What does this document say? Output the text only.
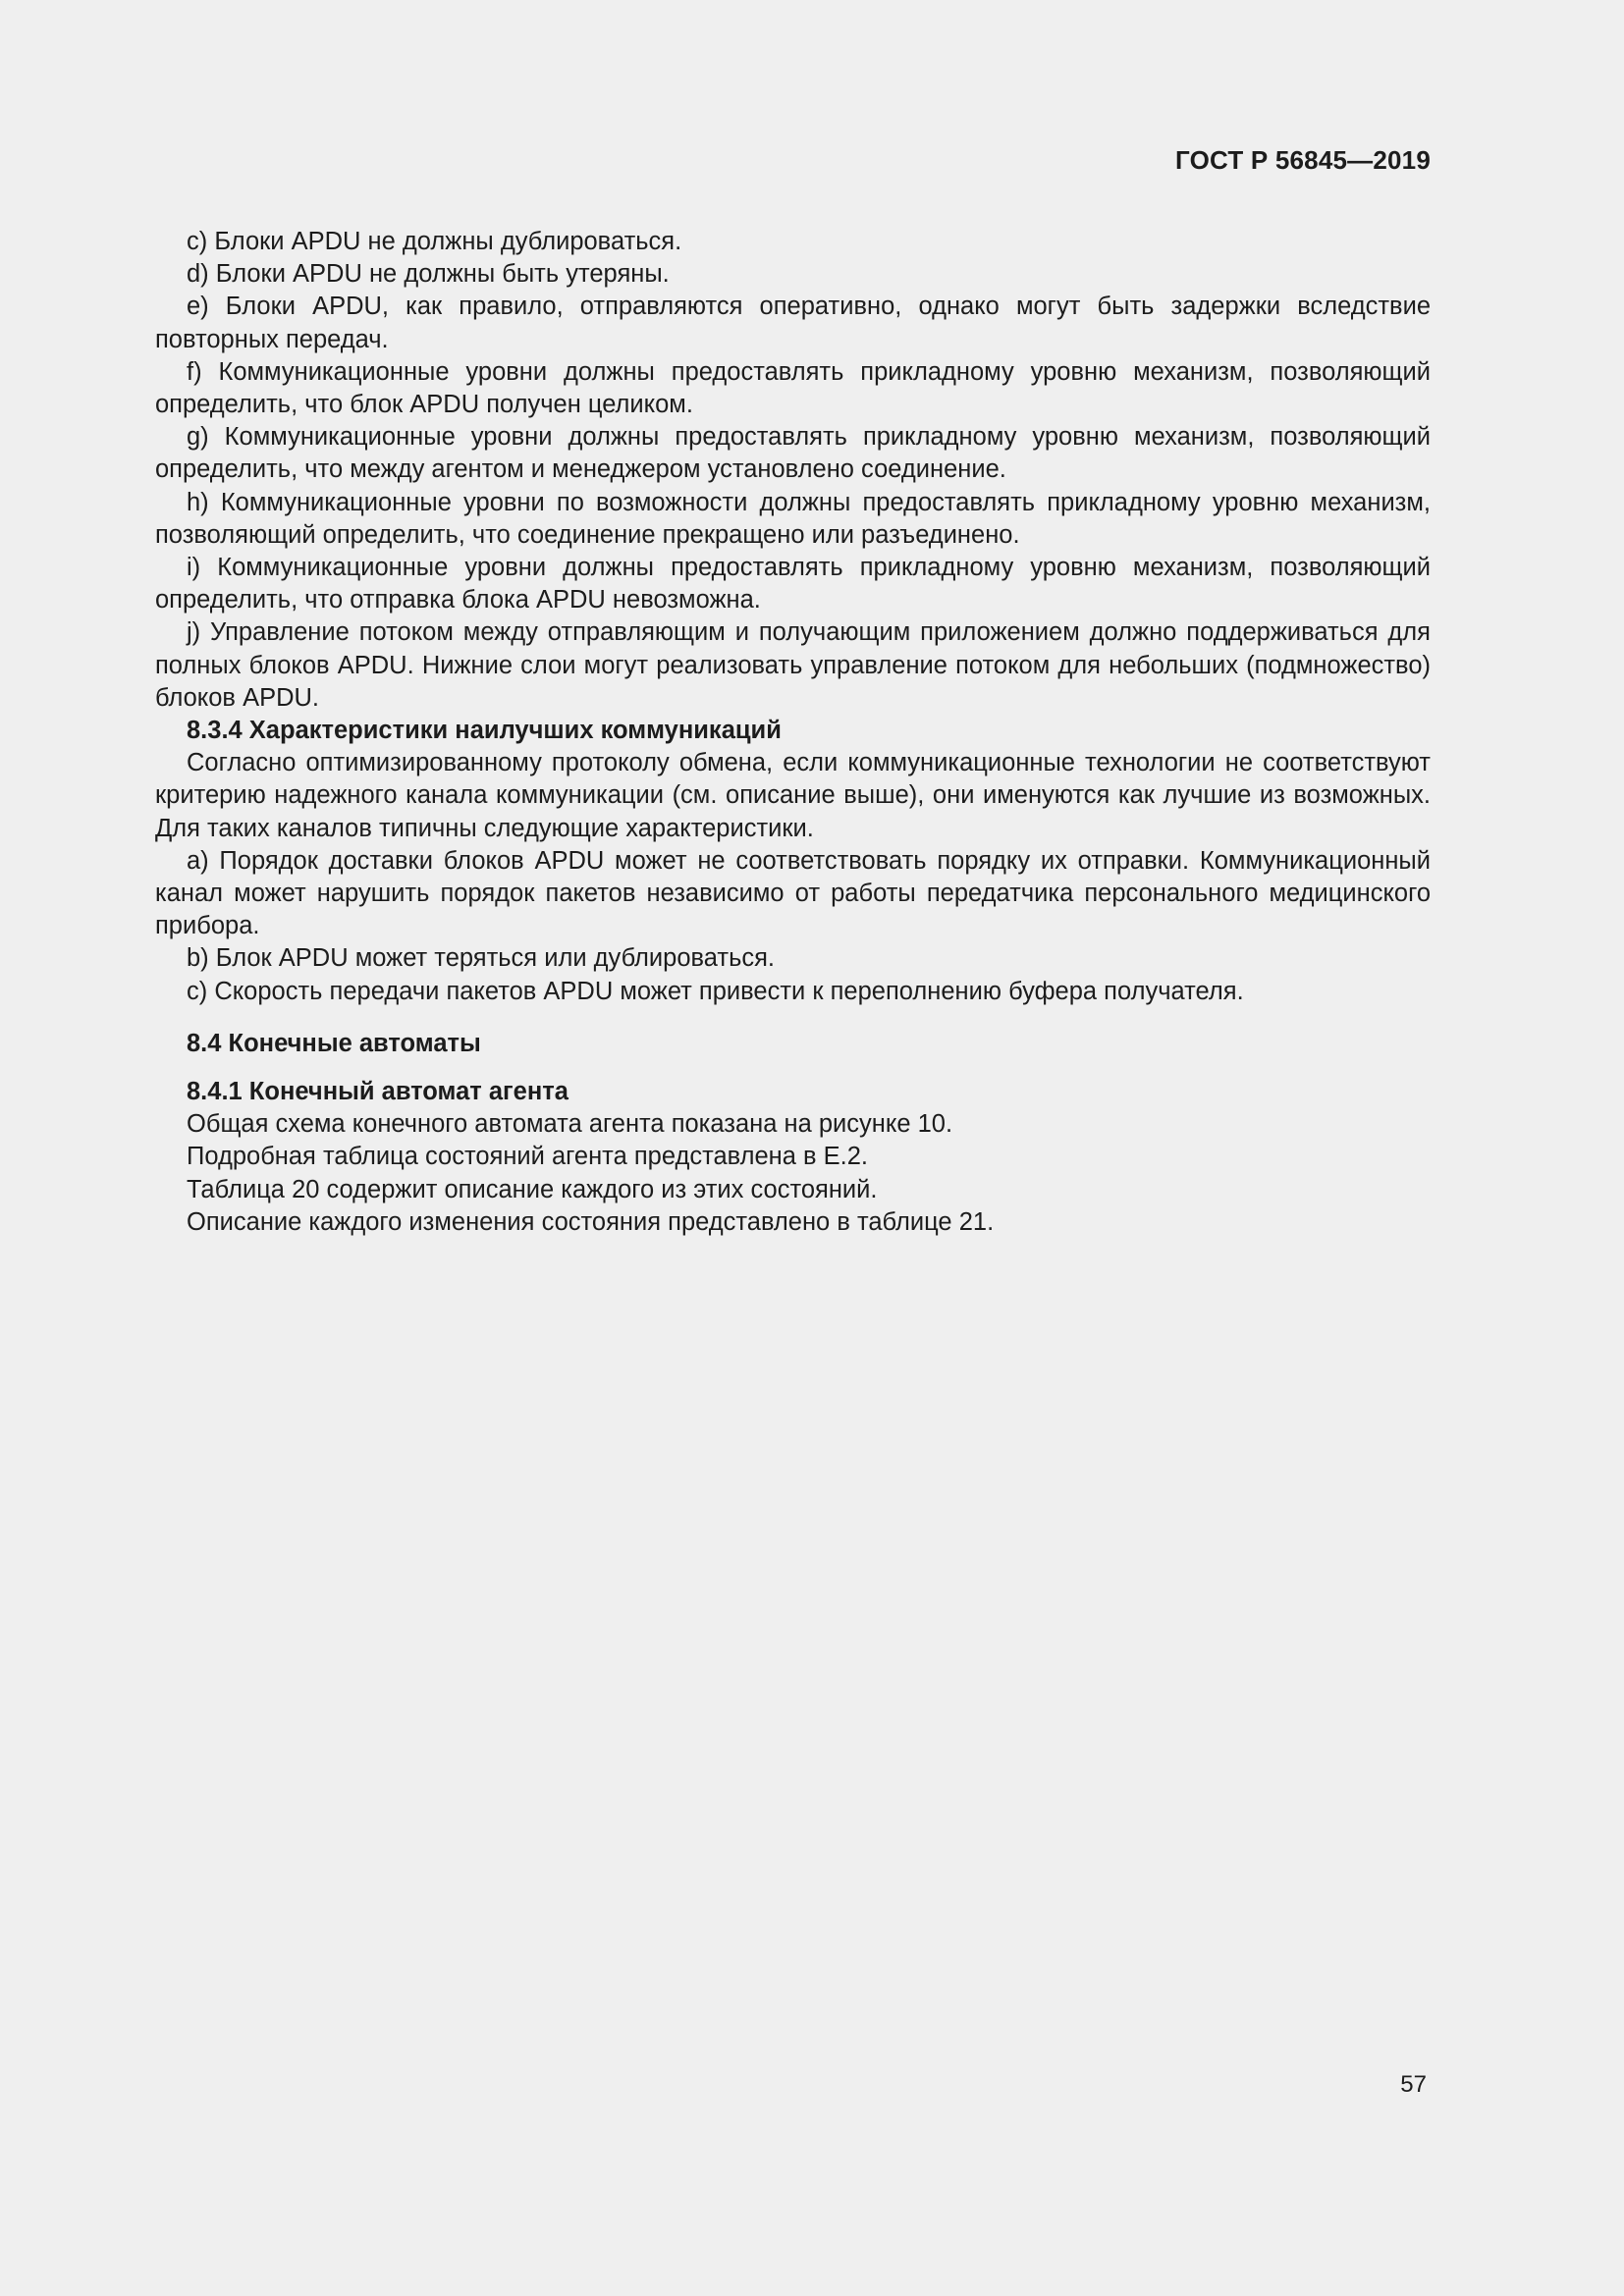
ГОСТ Р 56845—2019

c) Блоки APDU не должны дублироваться.

d) Блоки APDU не должны быть утеряны.

e) Блоки APDU, как правило, отправляются оперативно, однако могут быть задержки вследствие повторных передач.

f) Коммуникационные уровни должны предоставлять прикладному уровню механизм, позволяющий определить, что блок APDU получен целиком.

g) Коммуникационные уровни должны предоставлять прикладному уровню механизм, позволяющий определить, что между агентом и менеджером установлено соединение.

h) Коммуникационные уровни по возможности должны предоставлять прикладному уровню механизм, позволяющий определить, что соединение прекращено или разъединено.

i) Коммуникационные уровни должны предоставлять прикладному уровню механизм, позволяющий определить, что отправка блока APDU невозможна.

j) Управление потоком между отправляющим и получающим приложением должно поддерживаться для полных блоков APDU. Нижние слои могут реализовать управление потоком для небольших (подмножество) блоков APDU.

8.3.4 Характеристики наилучших коммуникаций

Согласно оптимизированному протоколу обмена, если коммуникационные технологии не соответствуют критерию надежного канала коммуникации (см. описание выше), они именуются как лучшие из возможных. Для таких каналов типичны следующие характеристики.

a) Порядок доставки блоков APDU может не соответствовать порядку их отправки. Коммуникационный канал может нарушить порядок пакетов независимо от работы передатчика персонального медицинского прибора.

b) Блок APDU может теряться или дублироваться.

c) Скорость передачи пакетов APDU может привести к переполнению буфера получателя.

8.4 Конечные автоматы
8.4.1 Конечный автомат агента

Общая схема конечного автомата агента показана на рисунке 10.

Подробная таблица состояний агента представлена в Е.2.

Таблица 20 содержит описание каждого из этих состояний.

Описание каждого изменения состояния представлено в таблице 21.

57
